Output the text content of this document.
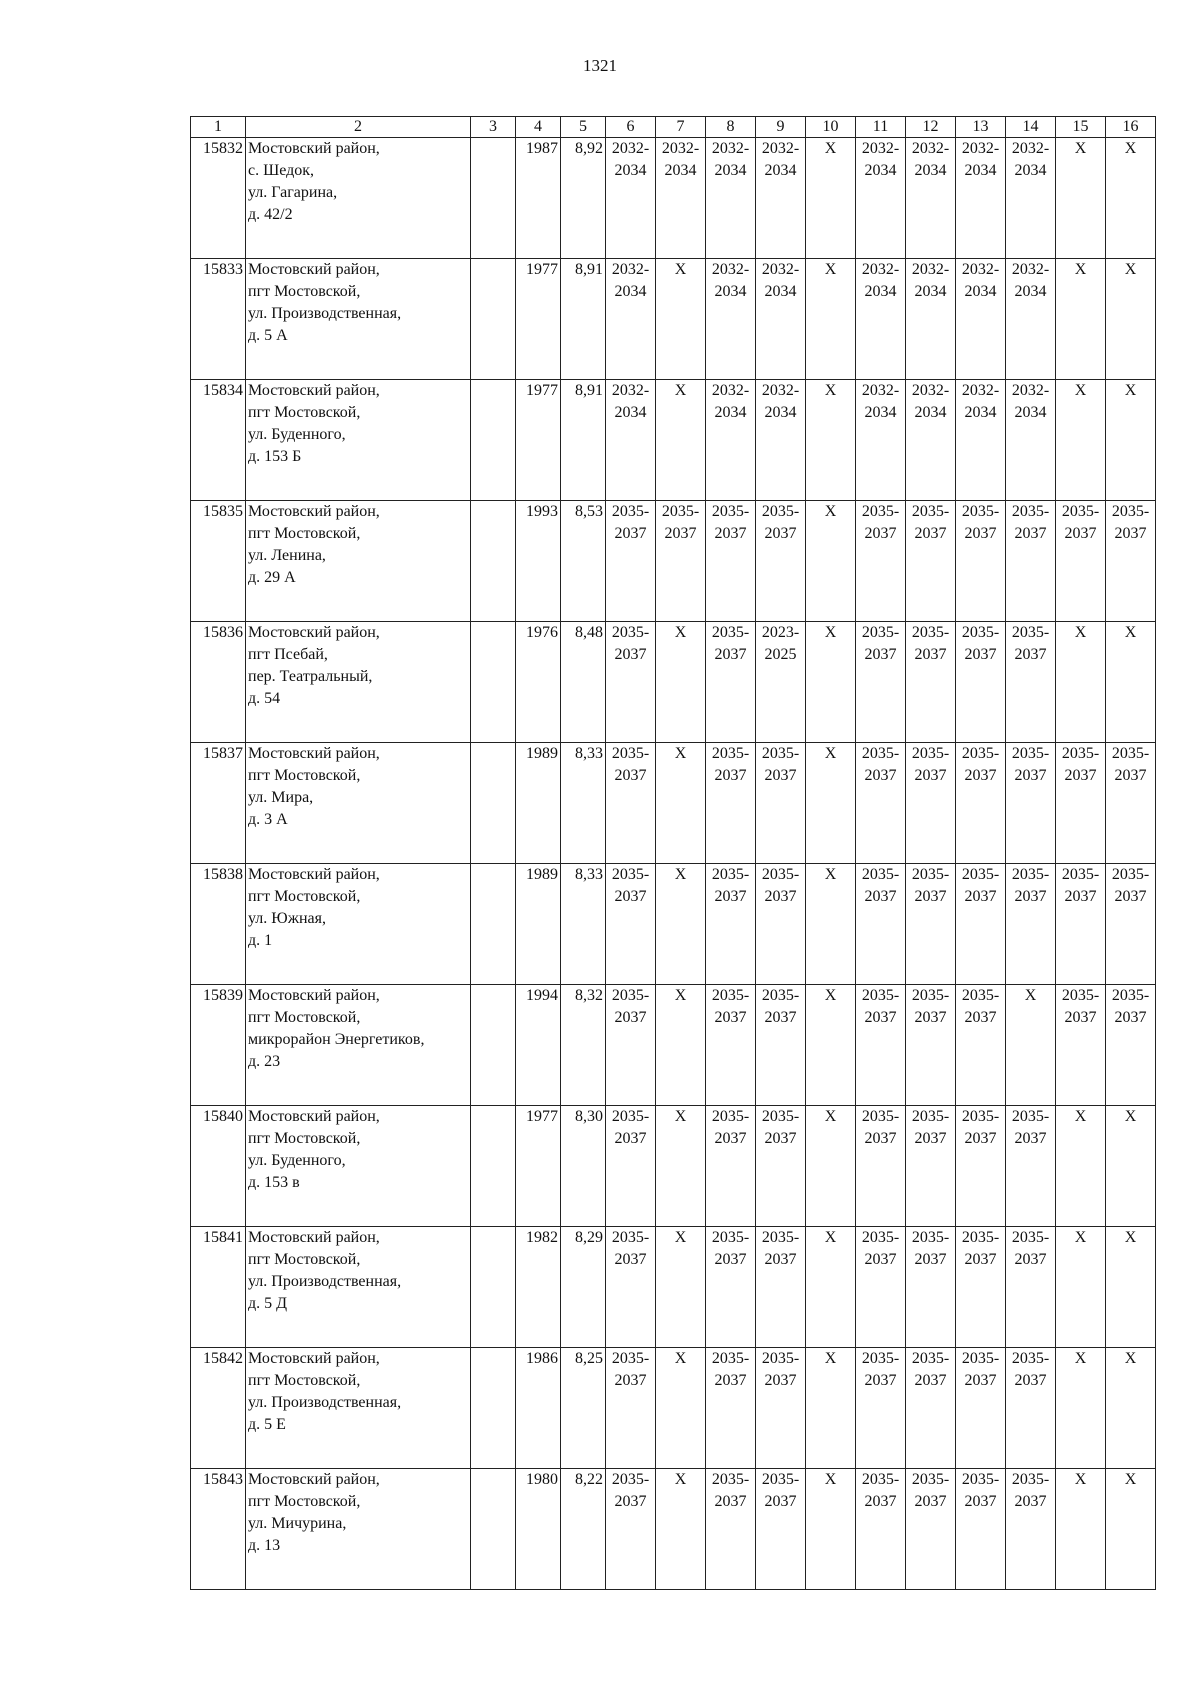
1321
1	2	3	4	5	6	7	8	9	10	11	12	13	14	15	16
15832	Мостовский район,
с. Шедок,
ул. Гагарина,
д. 42/2		1987	8,92	2032-2034	2032-2034	2032-2034	2032-2034	Х	2032-2034	2032-2034	2032-2034	2032-2034	Х	Х
15833	Мостовский район,
пгт Мостовской,
ул. Производственная,
д. 5 А		1977	8,91	2032-2034	Х	2032-2034	2032-2034	Х	2032-2034	2032-2034	2032-2034	2032-2034	Х	Х
15834	Мостовский район,
пгт Мостовской,
ул. Буденного,
д. 153 Б		1977	8,91	2032-2034	Х	2032-2034	2032-2034	Х	2032-2034	2032-2034	2032-2034	2032-2034	Х	Х
15835	Мостовский район,
пгт Мостовской,
ул. Ленина,
д. 29 А		1993	8,53	2035-2037	2035-2037	2035-2037	2035-2037	Х	2035-2037	2035-2037	2035-2037	2035-2037	2035-2037	2035-2037
15836	Мостовский район,
пгт Псебай,
пер. Театральный,
д. 54		1976	8,48	2035-2037	Х	2035-2037	2023-2025	Х	2035-2037	2035-2037	2035-2037	2035-2037	Х	Х
15837	Мостовский район,
пгт Мостовской,
ул. Мира,
д. 3 А		1989	8,33	2035-2037	Х	2035-2037	2035-2037	Х	2035-2037	2035-2037	2035-2037	2035-2037	2035-2037	2035-2037
15838	Мостовский район,
пгт Мостовской,
ул. Южная,
д. 1		1989	8,33	2035-2037	Х	2035-2037	2035-2037	Х	2035-2037	2035-2037	2035-2037	2035-2037	2035-2037	2035-2037
15839	Мостовский район,
пгт Мостовской,
микрорайон Энергетиков,
д. 23		1994	8,32	2035-2037	Х	2035-2037	2035-2037	Х	2035-2037	2035-2037	2035-2037	Х	2035-2037	2035-2037
15840	Мостовский район,
пгт Мостовской,
ул. Буденного,
д. 153 в		1977	8,30	2035-2037	Х	2035-2037	2035-2037	Х	2035-2037	2035-2037	2035-2037	2035-2037	Х	Х
15841	Мостовский район,
пгт Мостовской,
ул. Производственная,
д. 5 Д		1982	8,29	2035-2037	Х	2035-2037	2035-2037	Х	2035-2037	2035-2037	2035-2037	2035-2037	Х	Х
15842	Мостовский район,
пгт Мостовской,
ул. Производственная,
д. 5 Е		1986	8,25	2035-2037	Х	2035-2037	2035-2037	Х	2035-2037	2035-2037	2035-2037	2035-2037	Х	Х
15843	Мостовский район,
пгт Мостовской,
ул. Мичурина,
д. 13		1980	8,22	2035-2037	Х	2035-2037	2035-2037	Х	2035-2037	2035-2037	2035-2037	2035-2037	Х	Х
